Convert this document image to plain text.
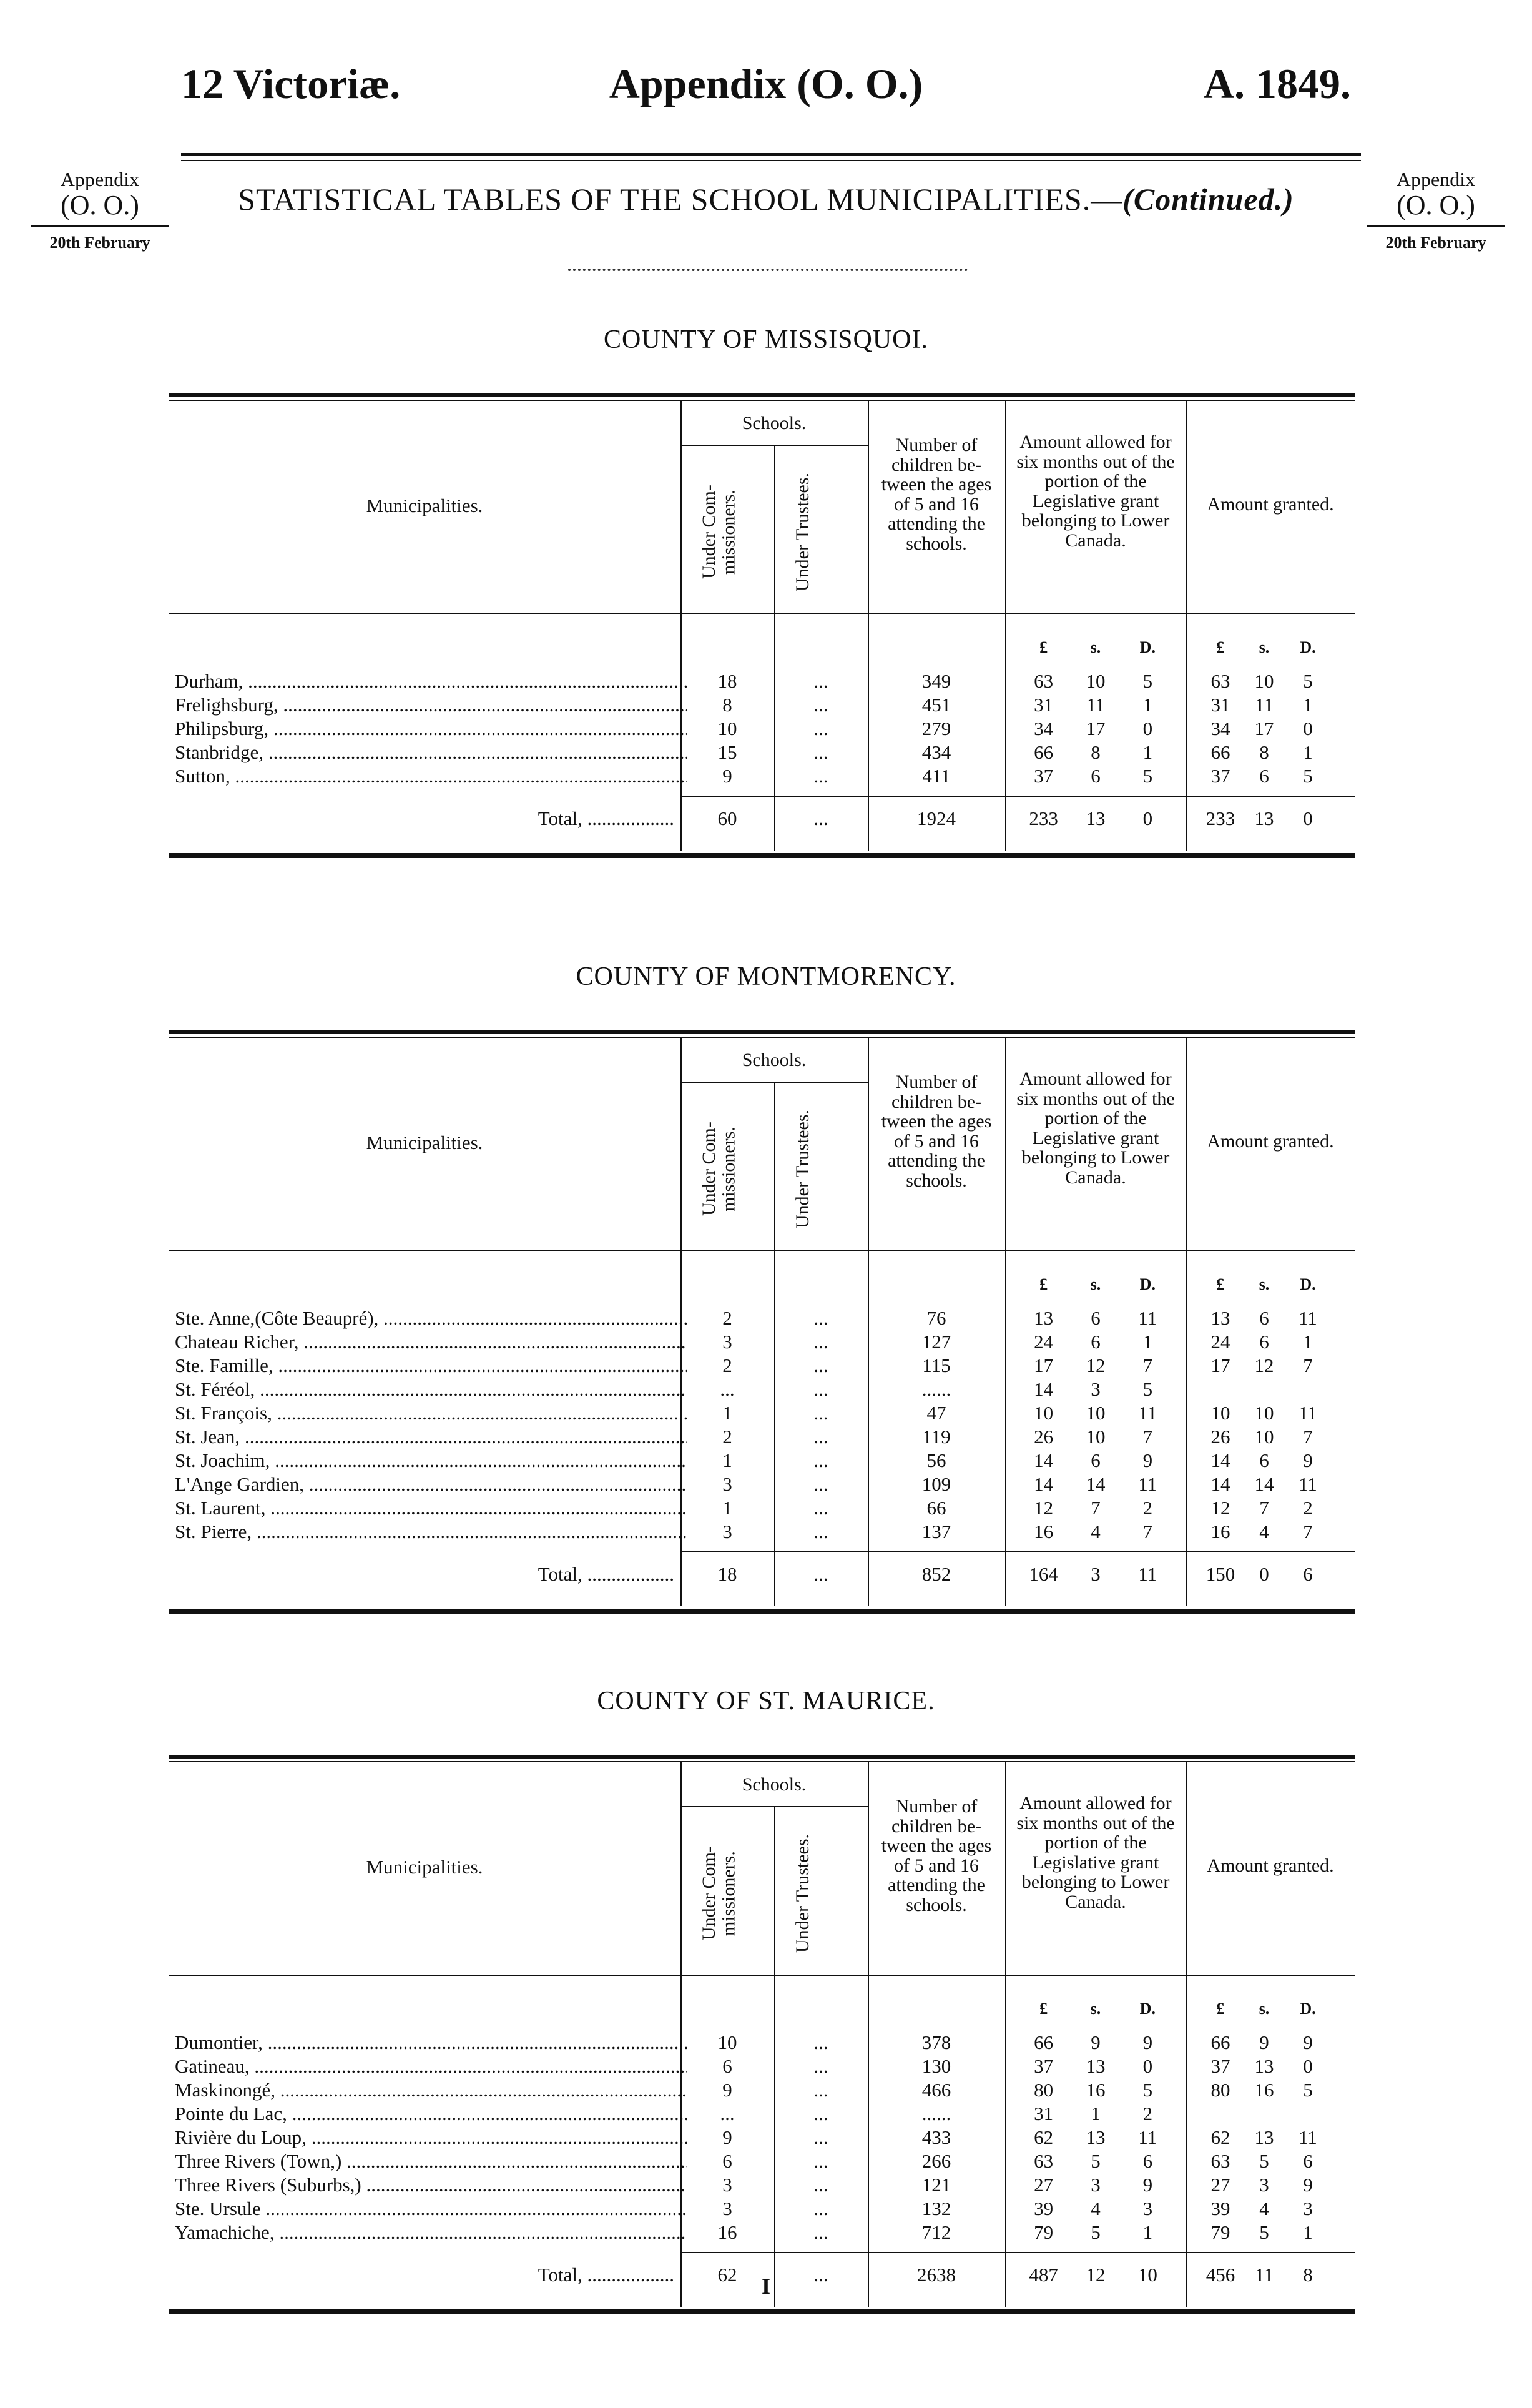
12 Victoriæ.	Appendix (O. O.)	A. 1849.
Appendix
(O. O.)
20th February
Appendix
(O. O.)
20th February
STATISTICAL TABLES OF THE SCHOOL MUNICIPALITIES.—(Continued.)
COUNTY OF MISSISQUOI.
Municipalities.
Schools.
Under Com-missioners.	Under Trustees.
Number of children be-tween the ages of 5 and 16 attending the schools.
Amount allowed for six months out of the portion of the Legislative grant belonging to Lower Canada.
Amount granted.
£	s.	D.	£	s.	D.
Durham, .....	18	...	349	63	10	5	63	10	5
Frelighsburg, .....	8	...	451	31	11	1	31	11	1
Philipsburg, .....	10	...	279	34	17	0	34	17	0
Stanbridge, .....	15	...	434	66	8	1	66	8	1
Sutton, .....	9	...	411	37	6	5	37	6	5
Total, .....	60	...	1924	233	13	0	233	13	0
COUNTY OF MONTMORENCY.
Municipalities.
Schools.
Under Com-missioners.	Under Trustees.
Number of children be-tween the ages of 5 and 16 attending the schools.
Amount allowed for six months out of the portion of the Legislative grant belonging to Lower Canada.
Amount granted.
£	s.	D.	£	s.	D.
Ste. Anne,(Côte Beaupré), .....	2	...	76	13	6	11	13	6	11
Chateau Richer, .....	3	...	127	24	6	1	24	6	1
Ste. Famille, .....	2	...	115	17	12	7	17	12	7
St. Féréol, .....	...	...	......	14	3	5
St. François, .....	1	...	47	10	10	11	10	10	11
St. Jean, .....	2	...	119	26	10	7	26	10	7
St. Joachim, .....	1	...	56	14	6	9	14	6	9
L'Ange Gardien, .....	3	...	109	14	14	11	14	14	11
St. Laurent, .....	1	...	66	12	7	2	12	7	2
St. Pierre, .....	3	...	137	16	4	7	16	4	7
Total, .....	18	...	852	164	3	11	150	0	6
COUNTY OF ST. MAURICE.
Municipalities.
Schools.
Under Com-missioners.	Under Trustees.
Number of children be-tween the ages of 5 and 16 attending the schools.
Amount allowed for six months out of the portion of the Legislative grant belonging to Lower Canada.
Amount granted.
£	s.	D.	£	s.	D.
Dumontier, .....	10	...	378	66	9	9	66	9	9
Gatineau, .....	6	...	130	37	13	0	37	13	0
Maskinongé, .....	9	...	466	80	16	5	80	16	5
Pointe du Lac, .....	...	...	......	31	1	2
Rivière du Loup, .....	9	...	433	62	13	11	62	13	11
Three Rivers (Town,) .....	6	...	266	63	5	6	63	5	6
Three Rivers (Suburbs,) .....	3	...	121	27	3	9	27	3	9
Ste. Ursule .....	3	...	132	39	4	3	39	4	3
Yamachiche, .....	16	...	712	79	5	1	79	5	1
Total, .....	62	...	2638	487	12	10	456	11	8
I
